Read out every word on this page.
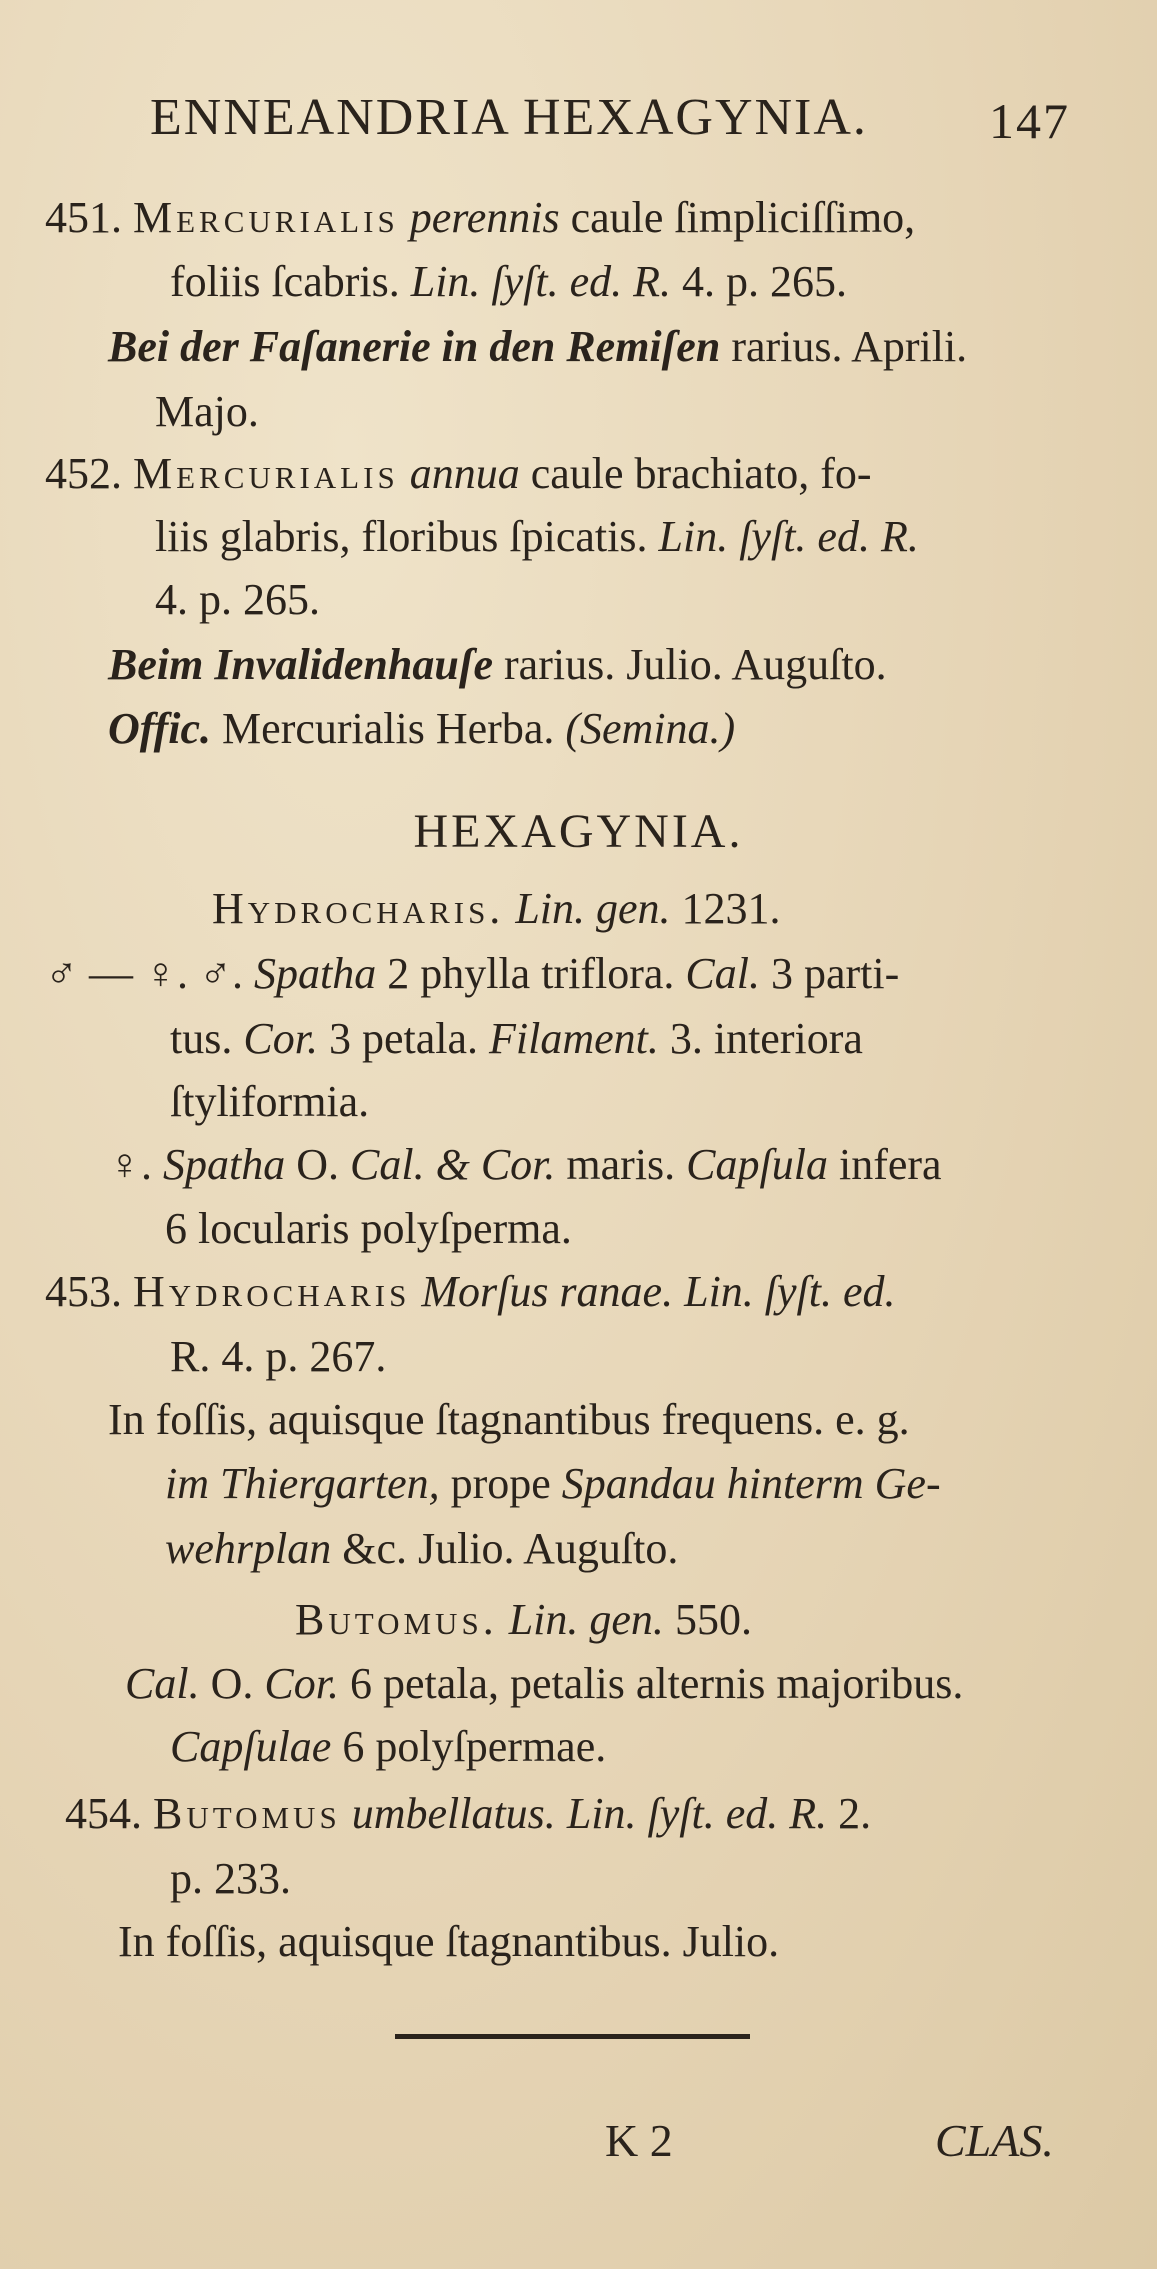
ENNEANDRIA HEXAGYNIA. 147
451. Mercurialis perennis caule ſimpliciſſimo,
foliis ſcabris. Lin. ſyſt. ed. R. 4. p. 265.
Bei der Faſanerie in den Remiſen rarius. Aprili.
Majo.
452. Mercurialis annua caule brachiato, fo-
liis glabris, floribus ſpicatis. Lin. ſyſt. ed. R.
4. p. 265.
Beim Invalidenhauſe rarius. Julio. Auguſto.
Offic. Mercurialis Herba. (Semina.)
HEXAGYNIA.
Hydrocharis. Lin. gen. 1231.
♂ — ♀. ♂. Spatha 2 phylla triflora. Cal. 3 parti-
tus. Cor. 3 petala. Filament. 3. interiora
ſtyliformia.
♀. Spatha O. Cal. & Cor. maris. Capſula infera
6 locularis polyſperma.
453. Hydrocharis Morſus ranae. Lin. ſyſt. ed.
R. 4. p. 267.
In foſſis, aquisque ſtagnantibus frequens. e. g.
im Thiergarten, prope Spandau hinterm Ge-
wehrplan &c. Julio. Auguſto.
Butomus. Lin. gen. 550.
Cal. O. Cor. 6 petala, petalis alternis majoribus.
Capſulae 6 polyſpermae.
454. Butomus umbellatus. Lin. ſyſt. ed. R. 2.
p. 233.
In foſſis, aquisque ſtagnantibus. Julio.
K 2	CLAS.
